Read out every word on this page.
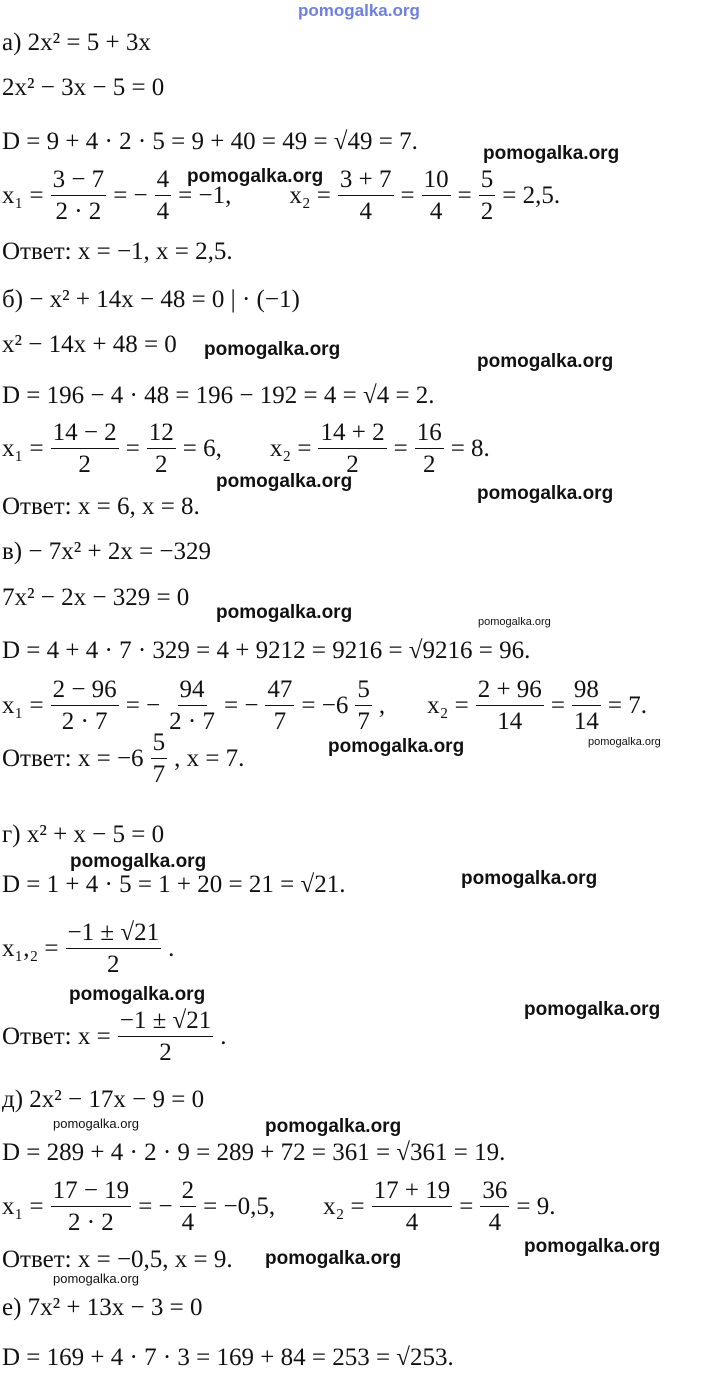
pomogalka.org
а) 2x² = 5 + 3x
2x² − 3x − 5 = 0
D = 9 + 4 · 2 · 5 = 9 + 40 = 49 = √49 = 7.
$x_1 = \frac{3 - 7}{2 \cdot 2}$ = − $\frac{4}{4} = -1$, $x_2 = \frac{3 + 7}{4} = \frac{10}{4} = \frac{5}{2} = 2,5$.
Ответ: x = −1, x = 2,5.
б) − x² + 14x − 48 = 0 | · (−1)
x² − 14x + 48 = 0
D = 196 − 4 · 48 = 196 − 192 = 4 = √4 = 2.
$x_1 = \frac{14 - 2}{2} = \frac{12}{2} = 6$, $x_2 = \frac{14 + 2}{2} = \frac{16}{2} = 8$.
Ответ: x = 6, x = 8.
в) − 7x² + 2x = −329
7x² − 2x − 329 = 0
D = 4 + 4 · 7 · 329 = 4 + 9212 = 9216 = √9216 = 96.
$x_1 = \frac{2 - 96}{2 \cdot 7}$ = − $\frac{94}{2 \cdot 7}$ = − $\frac{47}{7} = -6 \frac{5}{7}$ , $x_2 = \frac{2 + 96}{14} = \frac{98}{14} = 7$.
Ответ: $x = -6 \frac{5}{7}$ , x = 7.
г) x² + x − 5 = 0
D = 1 + 4 · 5 = 1 + 20 = 21 = √21.
$x_1,_2 = \frac{-1 \pm √21}{2}$ .
Ответ: $x = \frac{-1 \pm √21}{2}$ .
д) 2x² − 17x − 9 = 0
D = 289 + 4 · 2 · 9 = 289 + 72 = 361 = √361 = 19.
$x_1 = \frac{17 - 19}{2 \cdot 2}$ = − $\frac{2}{4} = -0,5$, $x_2 = \frac{17 + 19}{4} = \frac{36}{4} = 9$.
Ответ: x = −0,5, x = 9.
е) 7x² + 13x − 3 = 0
D = 169 + 4 · 7 · 3 = 169 + 84 = 253 = √253.
pomogalka.org
pomogalka.org
pomogalka.org
pomogalka.org
pomogalka.org
pomogalka.org
pomogalka.org	pomogalka.org
pomogalka.org	pomogalka.org
pomogalka.org
pomogalka.org
pomogalka.org
pomogalka.org
pomogalka.org
pomogalka.org
pomogalka.org
pomogalka.org
pomogalka.org
